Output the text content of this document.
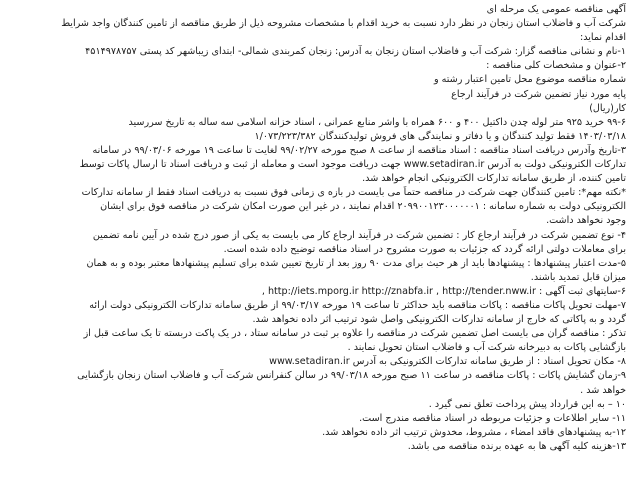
آگهی مناقصه عمومی یک مرحله ای

شرکت آب و فاضلاب استان زنجان در نظر دارد نسبت به خرید اقدام با مشخصات مشروحه ذیل از طریق مناقصه از تامین کنندگان واجد شرایط

اقدام نماید:

۱-نام و نشانی مناقصه گزار: شرکت آب و فاضلاب استان زنجان به آدرس: زنجان کمربندی شمالی- ابتدای زیباشهر کد پستی ۴۵۱۴۹۷۸۷۵۷

۲-عنوان و مشخصات کلی مناقصه :

شماره مناقصه موضوع محل تامین اعتبار رشته و

پایه مورد نیاز تضمین شرکت در فرآیند ارجاع

کار(ریال)

۹۹-۶ خرید ۹۲۵ متر لوله چدن داکتیل ۴۰۰ و ۶۰۰ همراه با واشر منابع عمرانی ، اسناد خزانه اسلامی سه ساله به تاریخ سررسید

۱۴۰۳/۰۳/۱۸ فقط تولید کنندگان و یا دفاتر و نمایندگی های فروش تولیدکنندگان ۱/۰۷۳/۲۲۳/۳۸۲

۳-تاریخ وآدرس دریافت اسناد مناقصه : اسناد مناقصه از ساعت ۸ صبح مورخه ۹۹/۰۲/۲۷ لغایت تا ساعت ۱۹ مورخه ۹۹/۰۳/۰۶ در سامانه

تدارکات الکترونیکی دولت به آدرس www.setadiran.ir جهت دریافت موجود است و معامله از ثبت و دریافت اسناد تا ارسال پاکات توسط

تامین کننده، از طریق سامانه تدارکات الکترونیکی انجام خواهد شد.

*نکته مهم*: تامین کنندگان جهت شرکت در مناقصه حتماً می بایست در بازه ی زمانی فوق نسبت به دریافت اسناد فقط از سامانه تدارکات

الکترونیکی دولت به شماره سامانه : ۲۰۹۹۰۰۱۲۳۰۰۰۰۰۰۱ اقدام نمایند ، در غیر این صورت امکان شرکت در مناقصه فوق برای ایشان

وجود نخواهد داشت.

۴- نوع تضمین شرکت در فرآیند ارجاع کار : تضمین شرکت در فرآیند ارجاع کار می بایست به یکی از صور درج شده در آیین نامه تضمین

برای معاملات دولتی ارائه گردد که جزئیات به صورت مشروح در اسناد مناقصه توضیح داده شده است.

۵-مدت اعتبار پیشنهادها : پیشنهادها باید از هر حیث برای مدت ۹۰ روز بعد از تاریخ تعیین شده برای تسلیم پیشنهادها معتبر بوده و به همان

میزان قابل تمدید باشند.

۶-سایتهای ثبت آگهی : http://iets.mporg.ir http://znabfa.ir , http://tender.nww.ir ,

۷-مهلت تحویل پاکات مناقصه : پاکات مناقصه باید حداکثر تا ساعت ۱۹ مورخه ۹۹/۰۳/۱۷ از طریق سامانه تدارکات الکترونیکی دولت ارائه

گردد و به پاکاتی که خارج از سامانه تدارکات الکترونیکی واصل شود ترتیب اثر داده نخواهد شد.

تذکر : مناقصه گران می بایست اصل تضمین شرکت در مناقصه را علاوه بر ثبت در سامانه ستاد ، در یک پاکت دربسته تا یک ساعت قبل از

بازگشایی پاکات به دبیرخانه شرکت آب و فاضلاب استان تحویل نمایند .

۸- مکان تحویل اسناد : از طریق سامانه تدارکات الکترونیکی به آدرس www.setadiran.ir

۹-زمان گشایش پاکات : پاکات مناقصه در ساعت ۱۱ صبح مورخه ۹۹/۰۳/۱۸ در سالن کنفرانس شرکت آب و فاضلاب استان زنجان بازگشایی

خواهد شد .

۱۰ – به این قرارداد پیش پرداخت تعلق نمی گیرد .

۱۱- سایر اطلاعات و جزئیات مربوطه در اسناد مناقصه مندرج است.

۱۲-به پیشنهادهای فاقد امضاء ، مشروط، مخدوش ترتیب اثر داده نخواهد شد.

۱۳-هزینه کلیه آگهی ها به عهده برنده مناقصه می باشد.
